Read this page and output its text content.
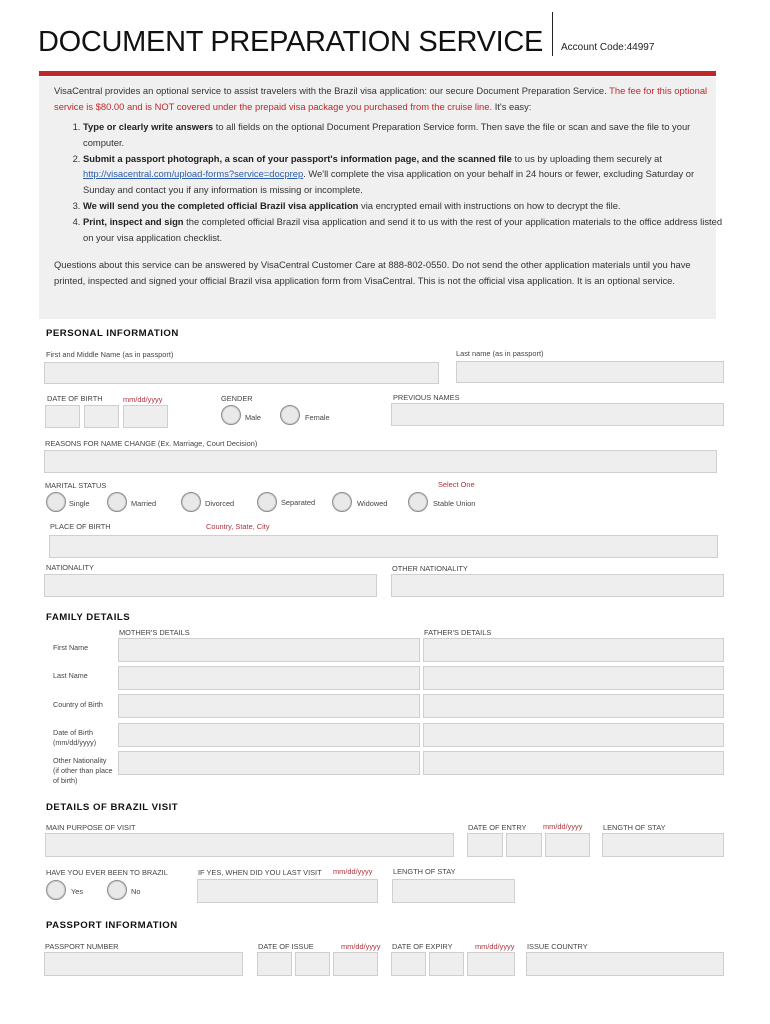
DOCUMENT PREPARATION SERVICE Account Code:44997

VisaCentral provides an optional service to assist travelers with the Brazil visa application: our secure Document Preparation Service. The fee for this optional service is $80.00 and is NOT covered under the prepaid visa package you purchased from the cruise line. It's easy:

1. Type or clearly write answers to all fields on the optional Document Preparation Service form. Then save the file or scan and save the file to your computer.
2. Submit a passport photograph, a scan of your passport's information page, and the scanned file to us by uploading them securely at http://visacentral.com/upload-forms?service=docprep. We'll complete the visa application on your behalf in 24 hours or fewer, excluding Saturday or Sunday and contact you if any information is missing or incomplete.
3. We will send you the completed official Brazil visa application via encrypted email with instructions on how to decrypt the file.
4. Print, inspect and sign the completed official Brazil visa application and send it to us with the rest of your application materials to the office address listed on your visa application checklist.

Questions about this service can be answered by VisaCentral Customer Care at 888-802-0550. Do not send the other application materials until you have printed, inspected and signed your official Brazil visa application form from VisaCentral. This is not the official visa application. It is an optional service.

PERSONAL INFORMATION
First and Middle Name (as in passport)	Last name (as in passport)
DATE OF BIRTH	mm/dd/yyyy	GENDER
Male	Female
PREVIOUS NAMES
REASONS FOR NAME CHANGE (Ex. Marriage, Court Decision)
MARITAL STATUS	Select One
Single	Married	Divorced	Separated	Widowed	Stable Union
PLACE OF BIRTH	Country, State, City
NATIONALITY	OTHER NATIONALITY
FAMILY DETAILS
MOTHER'S DETAILS	FATHER'S DETAILS
First Name
Last Name
Country of Birth
Date of Birth
(mm/dd/yyyy)
Other Nationality
(if other than place
of birth)
DETAILS OF BRAZIL VISIT
MAIN PURPOSE OF VISIT	DATE OF ENTRY mm/dd/yyyy	LENGTH OF STAY
HAVE YOU EVER BEEN TO BRAZIL
Yes	No
IF YES, WHEN DID YOU LAST VISIT mm/dd/yyyy	LENGTH OF STAY
PASSPORT INFORMATION
PASSPORT NUMBER	DATE OF ISSUE	mm/dd/yyyy DATE OF EXPIRY	mm/dd/yyyy ISSUE COUNTRY
